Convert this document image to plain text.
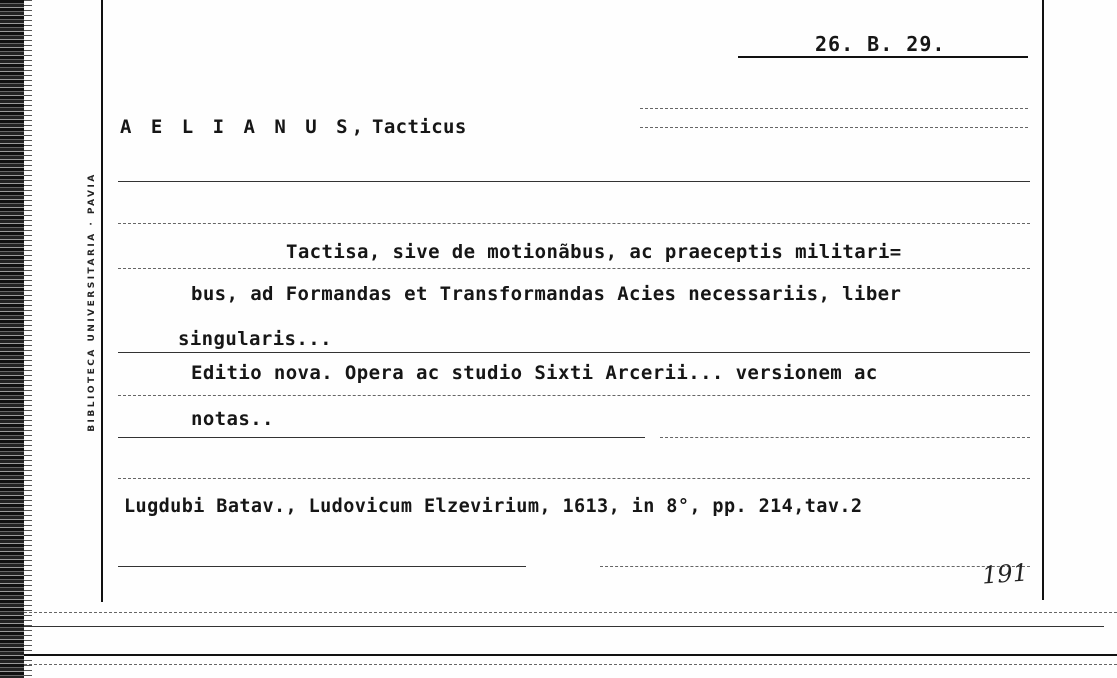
BIBLIOTECA UNIVERSITARIA · PAVIA
26. B. 29.
A E L I A N U S, Tacticus
Tactisa, sive de motionãbus, ac praeceptis militari=
bus, ad Formandas et Transformandas Acies necessariis, liber
singularis...
Editio nova. Opera ac studio Sixti Arcerii... versionem ac
notas..
Lugdubi Batav., Ludovicum Elzevirium, 1613, in 8°, pp. 214,tav.2
191
